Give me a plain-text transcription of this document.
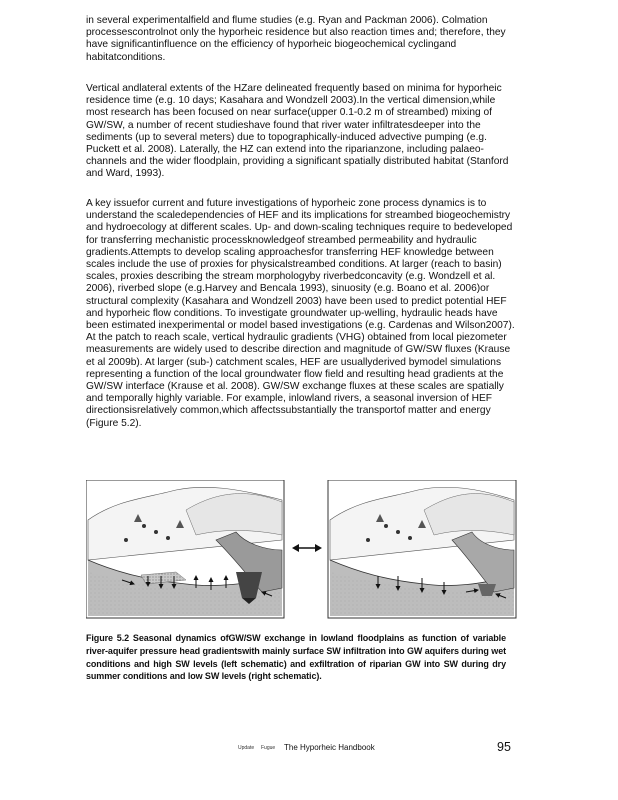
in several experimentalfield and flume studies (e.g. Ryan and Packman 2006). Colmation processescontrolnot only the hyporheic residence but also reaction times and; therefore, they have significantinfluence on the efficiency of hyporheic biogeochemical cyclingand habitatconditions.

Vertical andlateral extents of the HZare delineated frequently based on minima for hyporheic residence time (e.g. 10 days; Kasahara and Wondzell 2003).In the vertical dimension,while most research has been focused on near surface(upper 0.1-0.2 m of streambed) mixing of GW/SW, a number of recent studieshave found that river water infiltratesdeeper into the sediments (up to several meters) due to topographically-induced advective pumping (e.g. Puckett et al. 2008). Laterally, the HZ can extend into the riparianzone, including palaeo-channels and the wider floodplain, providing a significant spatially distributed habitat (Stanford and Ward, 1993).

A key issuefor current and future investigations of hyporheic zone process dynamics is to understand the scaledependencies of HEF and its implications for streambed biogeochemistry and hydroecology at different scales. Up- and down-scaling techniques require to bedeveloped for transferring mechanistic processknowledgeof streambed permeability and hydraulic gradients.Attempts to develop scaling approachesfor transferring HEF knowledge between scales include the use of proxies for physicalstreambed conditions. At larger (reach to basin) scales, proxies describing the stream morphologyby riverbedconcavity (e.g. Wondzell et al. 2006), riverbed slope (e.g.Harvey and Bencala 1993), sinuosity (e.g. Boano et al. 2006)or structural complexity (Kasahara and Wondzell 2003) have been used to predict potential HEF and hyporheic flow conditions. To investigate groundwater up-welling, hydraulic heads have been estimated inexperimental or model based investigations (e.g. Cardenas and Wilson2007). At the patch to reach scale, vertical hydraulic gradients (VHG) obtained from local piezometer measurements are widely used to describe direction and magnitude of GW/SW fluxes (Krause et al 2009b). At larger (sub-) catchment scales, HEF are usuallyderived bymodel simulations representing a function of the local groundwater flow field and resulting head gradients at the GW/SW interface (Krause et al. 2008). GW/SW exchange fluxes at these scales are spatially and temporally highly variable. For example, inlowland rivers, a seasonal inversion of HEF directionsisrelatively common,which affectssubstantially the transportof matter and energy (Figure 5.2).

Figure 5.2 Seasonal dynamics ofGW/SW exchange in lowland floodplains as function of variable river-aquifer pressure head gradientswith mainly surface SW infiltration into GW aquifers during wet conditions and high SW levels (left schematic) and exfiltration of riparian GW into SW during dry summer conditions and low SW levels (right schematic).

Update Fugue The Hyporheic Handbook	95
